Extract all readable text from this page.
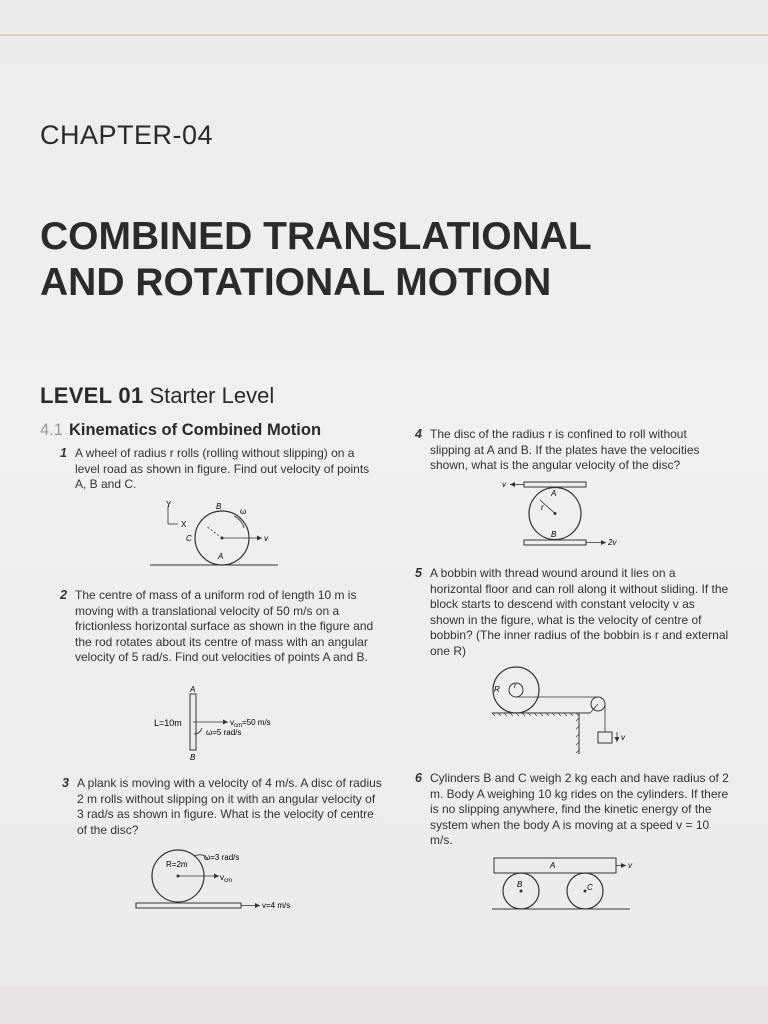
CHAPTER-04
COMBINED TRANSLATIONAL
AND ROTATIONAL MOTION
LEVEL 01 Starter Level
4.1 Kinematics of Combined Motion
1 A wheel of radius r rolls (rolling without slipping) on a level road as shown in figure. Find out velocity of points A, B and C.

Y
X
B
ω
C	v
A
2 The centre of mass of a uniform rod of length 10 m is moving with a translational velocity of 50 m/s on a frictionless horizontal surface as shown in the figure and the rod rotates about its centre of mass with an angular velocity of 5 rad/s. Find out velocities of points A and B.

A
B
L=10m	$v_{cm}=50$ m/s
ω=5 rad/s
3 A plank is moving with a velocity of 4 m/s. A disc of radius 2 m rolls without slipping on it with an angular velocity of 3 rad/s as shown in figure. What is the velocity of centre of the disc?

ω=3 rad/s
R=2m
$v_{cm}$
v=4 m/s
4 The disc of the radius r is confined to roll without slipping at A and B. If the plates have the velocities shown, what is the angular velocity of the disc?

v
A
r
B
2v
5 A bobbin with thread wound around it lies on a horizontal floor and can roll along it without sliding. If the block starts to descend with constant velocity v as shown in the figure, what is the velocity of centre of bobbin? (The inner radius of the bobbin is r and external one R)

R r
v
6 Cylinders B and C weigh 2 kg each and have radius of 2 m. Body A weighing 10 kg rides on the cylinders. If there is no slipping anywhere, find the kinetic energy of the system when the body A is moving at a speed v = 10 m/s.

A	v
B	C
